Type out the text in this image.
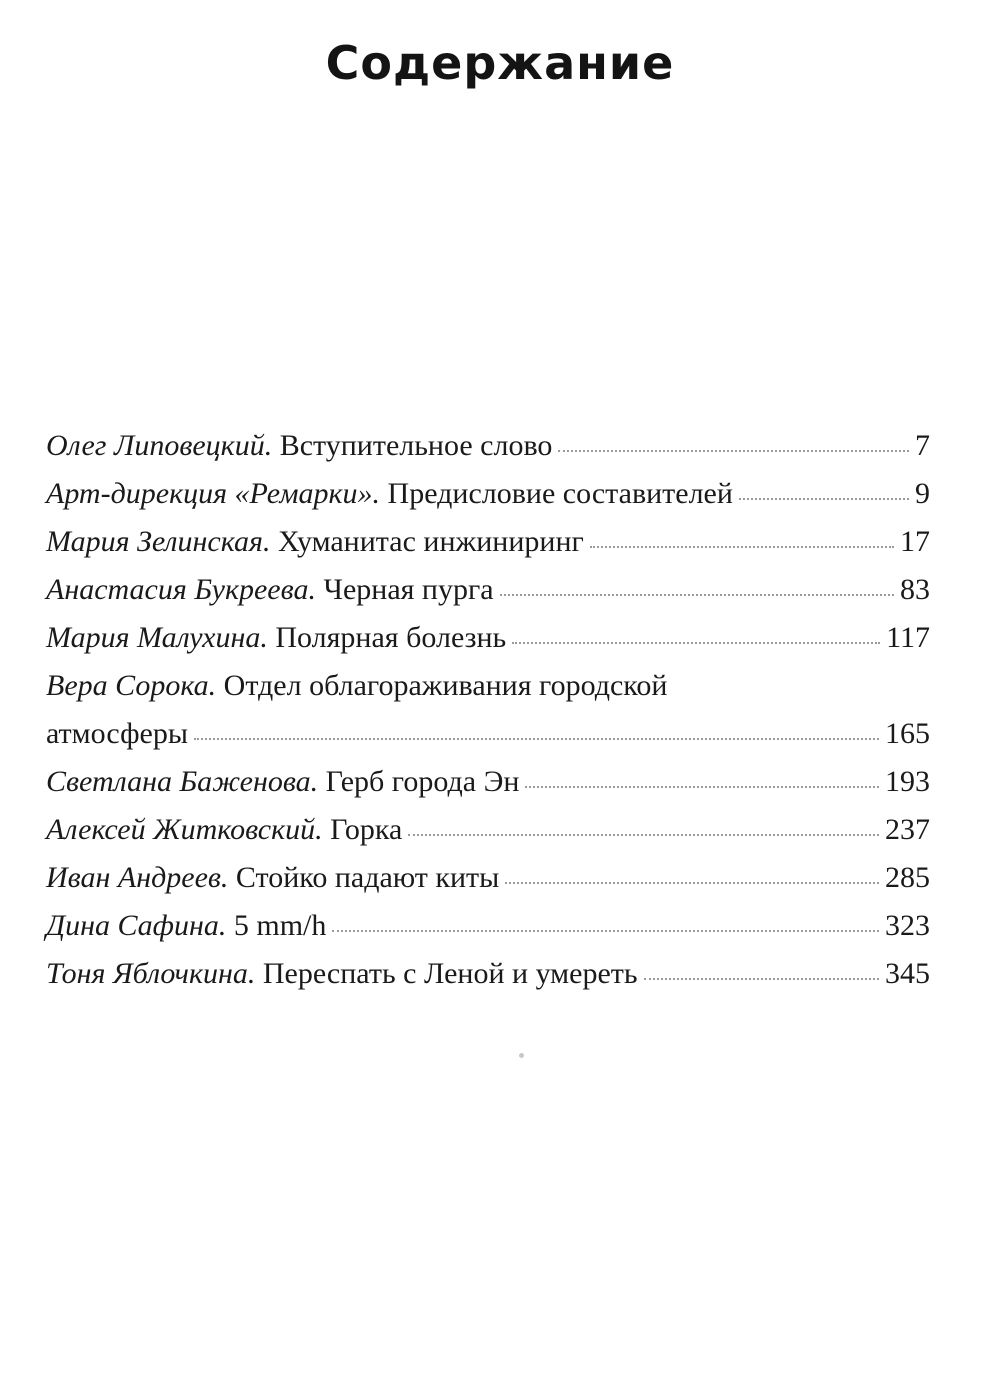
Содержание
Олег Липовецкий. Вступительное слово	7
Арт-дирекция «Ремарки». Предисловие составителей	9
Мария Зелинская. Хуманитас инжиниринг	17
Анастасия Букреева. Черная пурга	83
Мария Малухина. Полярная болезнь	117
Вера Сорока. Отдел облагораживания городской
атмосферы	165
Светлана Баженова. Герб города Эн	193
Алексей Житковский. Горка	237
Иван Андреев. Стойко падают киты	285
Дина Сафина. 5 mm/h	323
Тоня Яблочкина. Переспать с Леной и умереть	345
